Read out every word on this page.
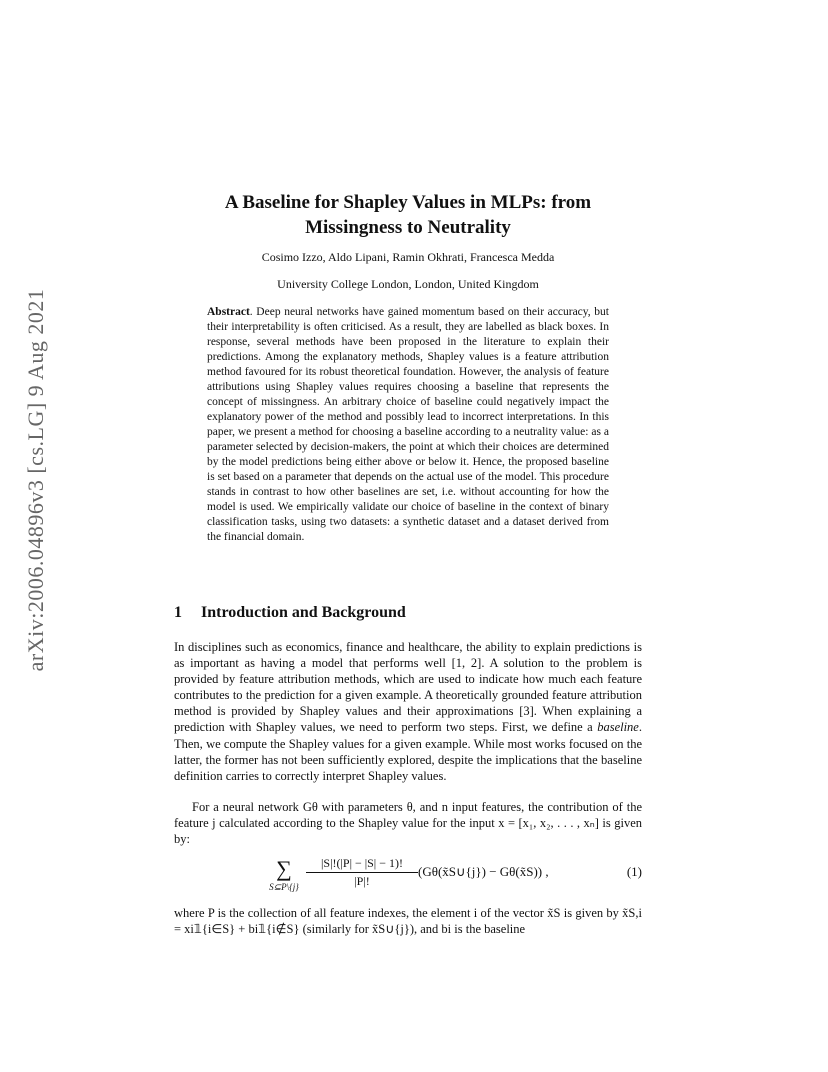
arXiv:2006.04896v3 [cs.LG] 9 Aug 2021
A Baseline for Shapley Values in MLPs: from
Missingness to Neutrality
Cosimo Izzo, Aldo Lipani, Ramin Okhrati, Francesca Medda
University College London, London, United Kingdom
Abstract. Deep neural networks have gained momentum based on their accuracy, but their interpretability is often criticised. As a result, they are labelled as black boxes. In response, several methods have been proposed in the literature to explain their predictions. Among the explanatory methods, Shapley values is a feature attribution method favoured for its robust theoretical foundation. However, the analysis of feature attributions using Shapley values requires choosing a baseline that represents the concept of missingness. An arbitrary choice of baseline could negatively impact the explanatory power of the method and possibly lead to incorrect interpretations. In this paper, we present a method for choosing a baseline according to a neutrality value: as a parameter selected by decision-makers, the point at which their choices are determined by the model predictions being either above or below it. Hence, the proposed baseline is set based on a parameter that depends on the actual use of the model. This procedure stands in contrast to how other baselines are set, i.e. without accounting for how the model is used. We empirically validate our choice of baseline in the context of binary classification tasks, using two datasets: a synthetic dataset and a dataset derived from the financial domain.
1 Introduction and Background

In disciplines such as economics, finance and healthcare, the ability to explain predictions is as important as having a model that performs well [1, 2]. A solution to the problem is provided by feature attribution methods, which are used to indicate how much each feature contributes to the prediction for a given example. A theoretically grounded feature attribution method is provided by Shapley values and their approximations [3]. When explaining a prediction with Shapley values, we need to perform two steps. First, we define a baseline. Then, we compute the Shapley values for a given example. While most works focused on the latter, the former has not been sufficiently explored, despite the implications that the baseline definition carries to correctly interpret Shapley values.

For a neural network Gθ with parameters θ, and n input features, the contribution of the feature j calculated according to the Shapley value for the input x = [x₁, x₂, . . . , xₙ] is given by:

∑
S⊆P\{j} $\frac{|S|!(|P| - |S| - 1)!}{|P|!}$ (Gθ(x̃S∪{j}) − Gθ(x̃S)) ,	(1)

where P is the collection of all feature indexes, the element i of the vector x̃S is given by x̃S,i = xi𝟙{i∈S} + bi𝟙{i∉S} (similarly for x̃S∪{j}), and bi is the baseline
